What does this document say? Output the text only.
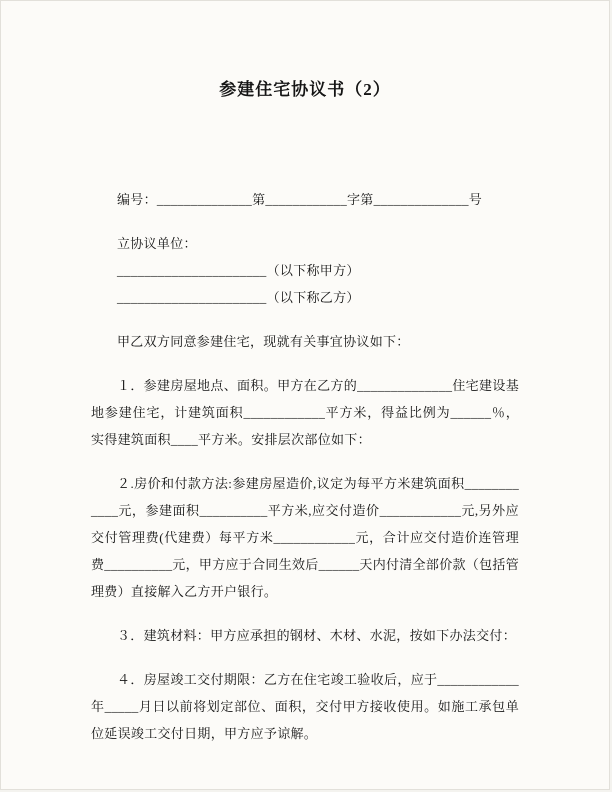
参建住宅协议书（2）

编号：______________第____________字第______________号

立协议单位：

______________________（以下称甲方）

______________________（以下称乙方）

甲乙双方同意参建住宅，现就有关事宜协议如下：

１．参建房屋地点、面积。甲方在乙方的______________住宅建设基地参建住宅，计建筑面积____________平方米，得益比例为______％，实得建筑面积____平方米。安排层次部位如下：

２.房价和付款方法:参建房屋造价,议定为每平方米建筑面积____________元，参建面积__________平方米,应交付造价____________元,另外应交付管理费(代建费）每平方米____________元，合计应交付造价连管理费__________元，甲方应于合同生效后______天内付清全部价款（包括管理费）直接解入乙方开户银行。

３．建筑材料：甲方应承担的钢材、木材、水泥，按如下办法交付：

４．房屋竣工交付期限：乙方在住宅竣工验收后，应于____________年_____月日以前将划定部位、面积，交付甲方接收使用。如施工承包单位延误竣工交付日期，甲方应予谅解。
